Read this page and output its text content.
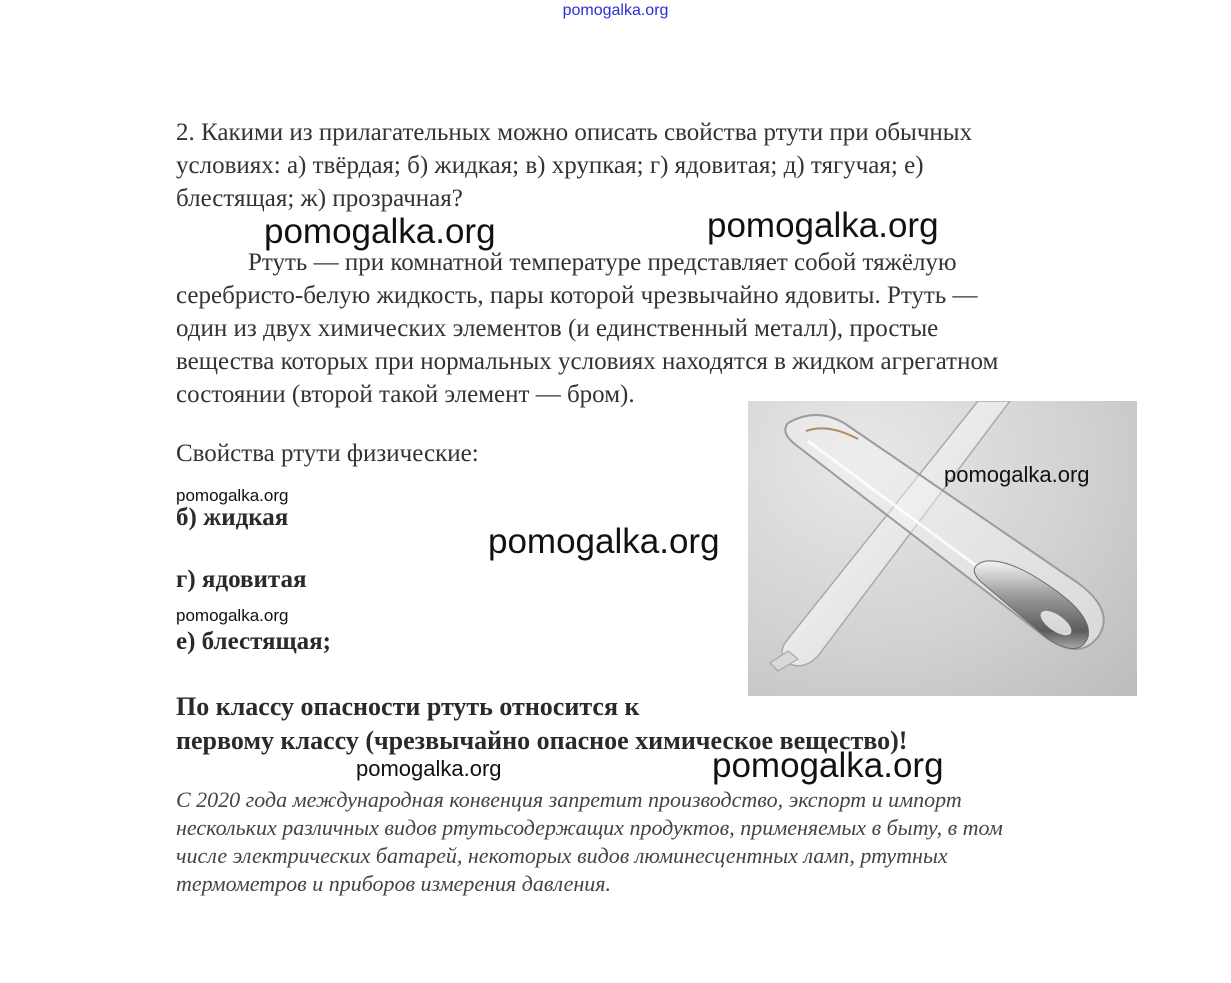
pomogalka.org
2. Какими из прилагательных можно описать свойства ртути при обычных
условиях: а) твёрдая; б) жидкая; в) хрупкая; г) ядовитая; д) тягучая; е)
блестящая; ж) прозрачная?
Ртуть — при комнатной температуре представляет собой тяжёлую
серебристо-белую жидкость, пары которой чрезвычайно ядовиты. Ртуть —
один из двух химических элементов (и единственный металл), простые
вещества которых при нормальных условиях находятся в жидком агрегатном
состоянии (второй такой элемент — бром).
Свойства ртути физические:
б) жидкая
г) ядовитая
е) блестящая;
По классу опасности ртуть относится к
первому классу (чрезвычайно опасное химическое вещество)!
С 2020 года международная конвенция запретит производство, экспорт и импорт
нескольких различных видов ртутьсодержащих продуктов, применяемых в быту, в том
числе электрических батарей, некоторых видов люминесцентных ламп, ртутных
термометров и приборов измерения давления.
pomogalka.org	pomogalka.org
pomogalka.org
pomogalka.org
pomogalka.org
pomogalka.org
pomogalka.org	pomogalka.org
